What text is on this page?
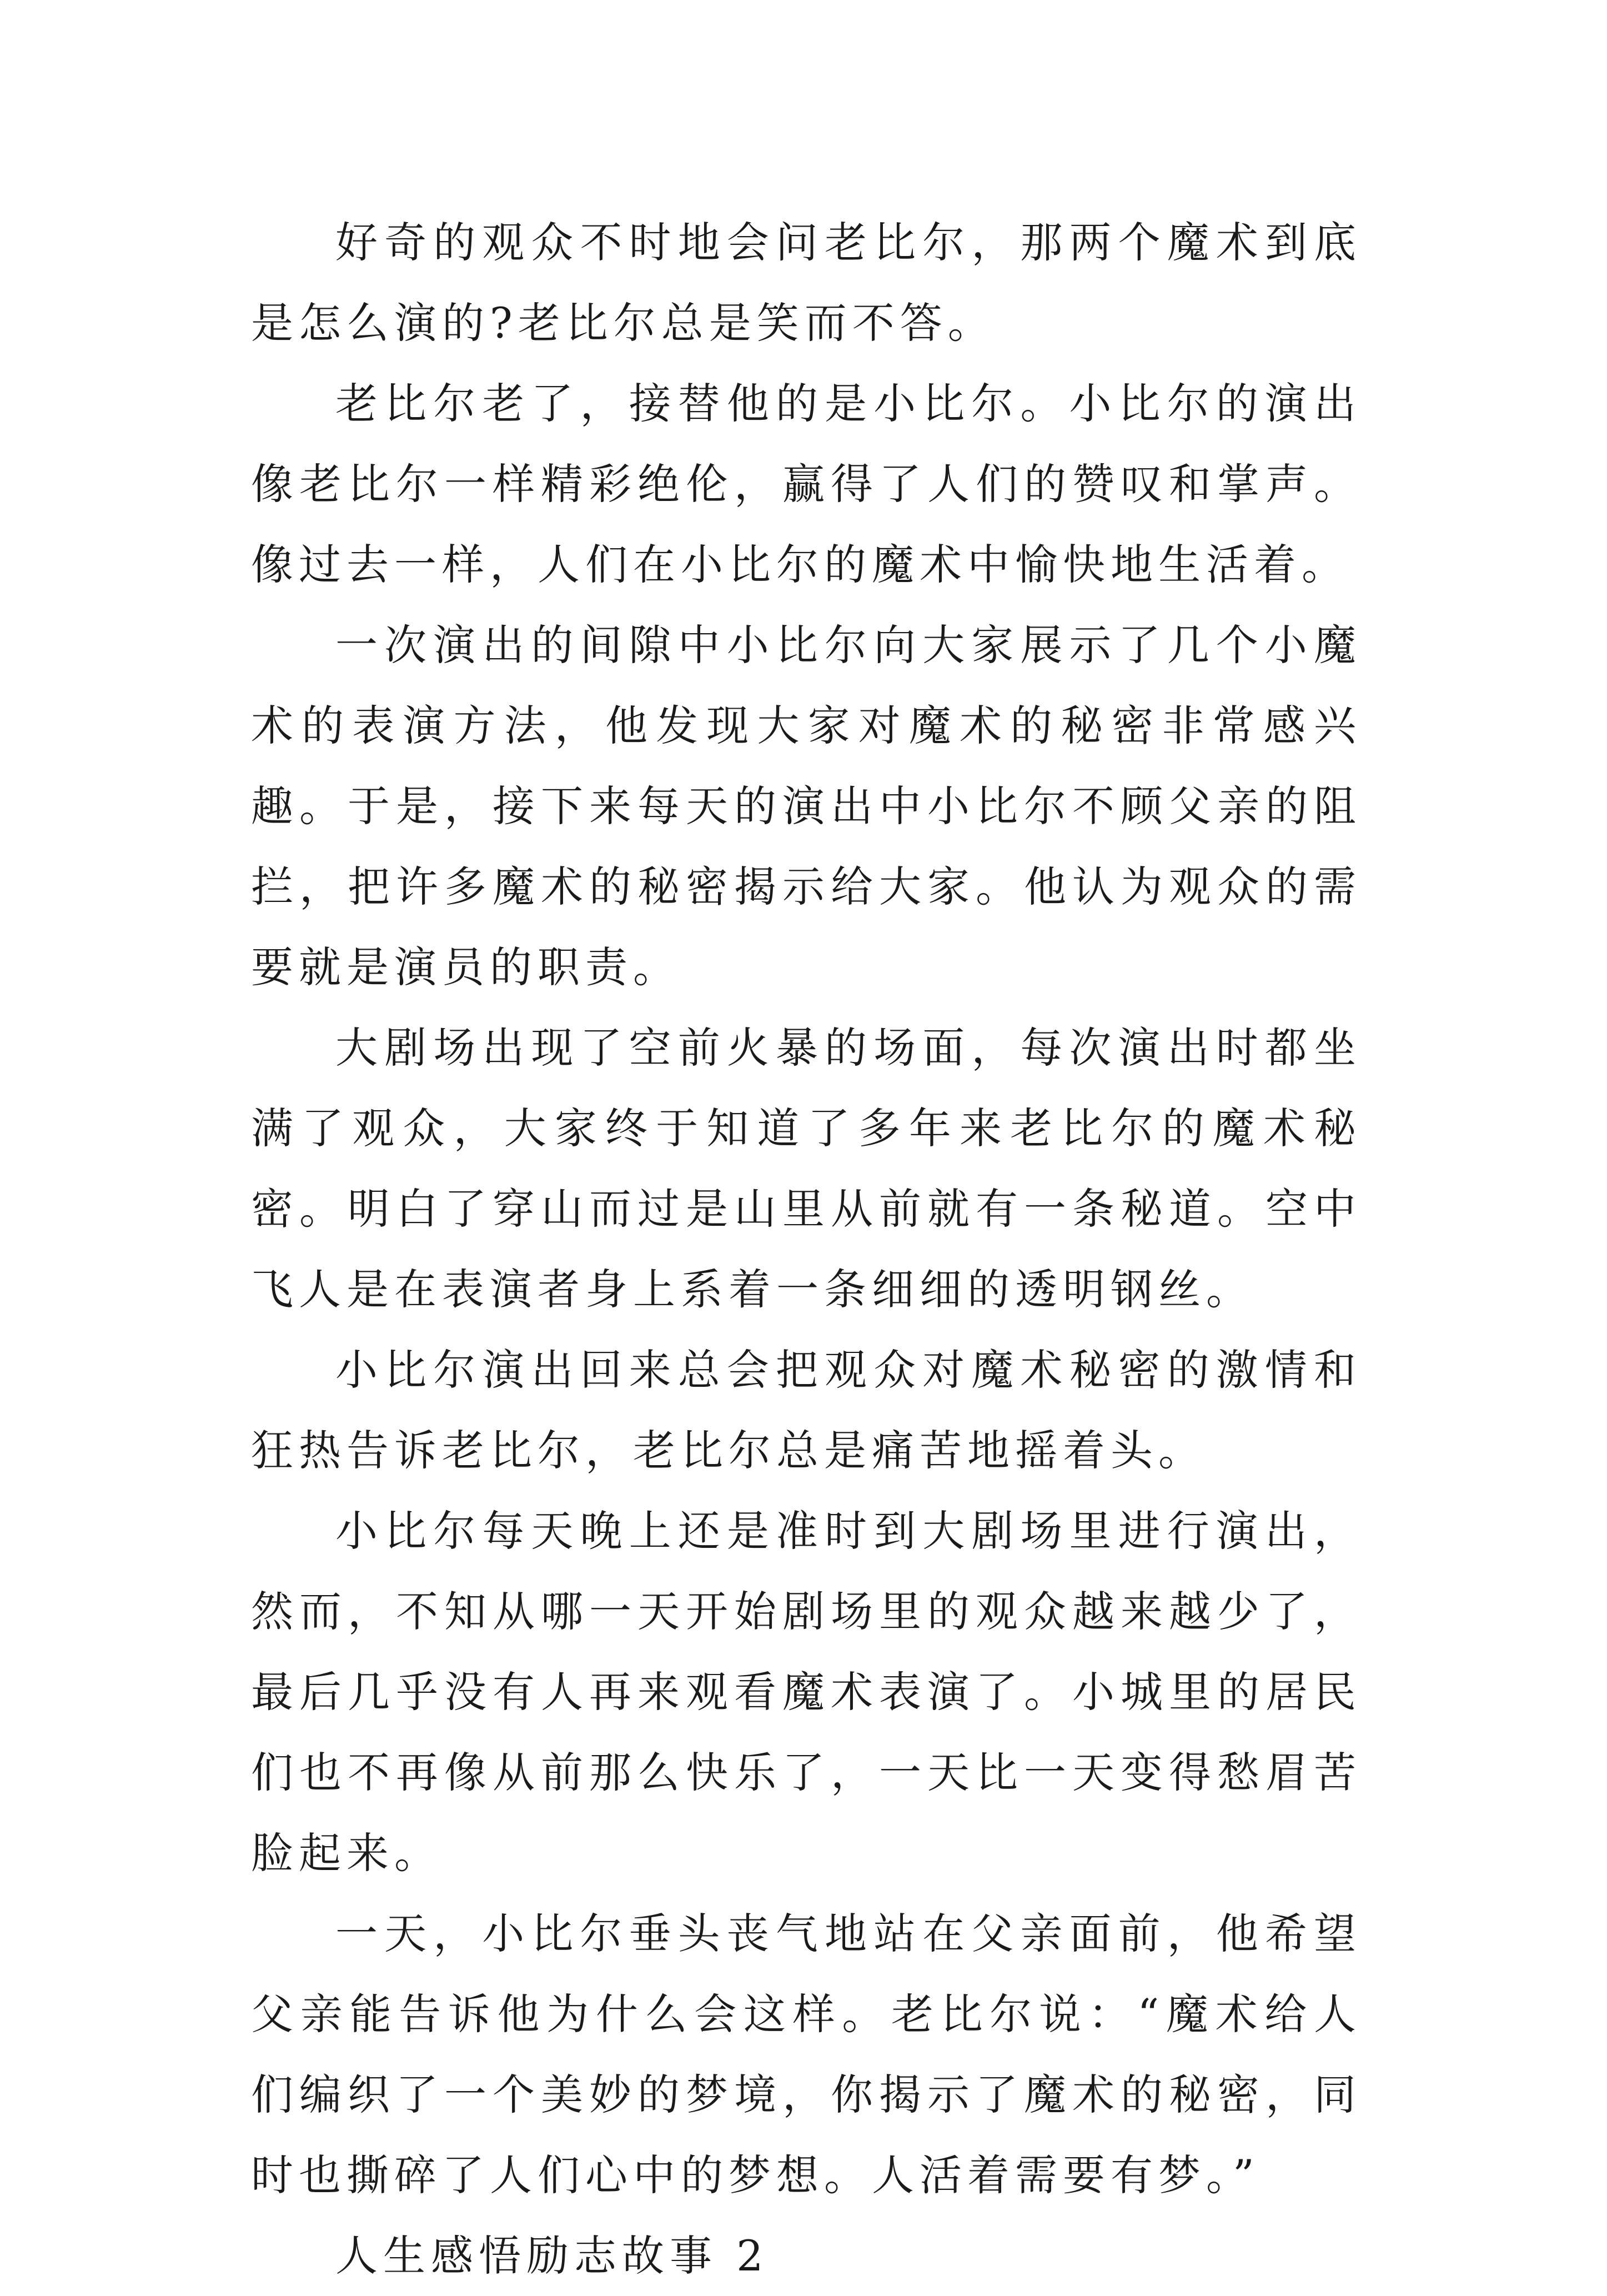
好奇的观众不时地会问老比尔，那两个魔术到底是怎么演的?老比尔总是笑而不答。

老比尔老了，接替他的是小比尔。小比尔的演出像老比尔一样精彩绝伦，赢得了人们的赞叹和掌声。像过去一样，人们在小比尔的魔术中愉快地生活着。

一次演出的间隙中小比尔向大家展示了几个小魔术的表演方法，他发现大家对魔术的秘密非常感兴趣。于是，接下来每天的演出中小比尔不顾父亲的阻拦，把许多魔术的秘密揭示给大家。他认为观众的需要就是演员的职责。

大剧场出现了空前火暴的场面，每次演出时都坐满了观众，大家终于知道了多年来老比尔的魔术秘密。明白了穿山而过是山里从前就有一条秘道。空中飞人是在表演者身上系着一条细细的透明钢丝。

小比尔演出回来总会把观众对魔术秘密的激情和狂热告诉老比尔，老比尔总是痛苦地摇着头。

小比尔每天晚上还是准时到大剧场里进行演出，然而，不知从哪一天开始剧场里的观众越来越少了，最后几乎没有人再来观看魔术表演了。小城里的居民们也不再像从前那么快乐了，一天比一天变得愁眉苦脸起来。

一天，小比尔垂头丧气地站在父亲面前，他希望父亲能告诉他为什么会这样。老比尔说：“魔术给人们编织了一个美妙的梦境，你揭示了魔术的秘密，同时也撕碎了人们心中的梦想。人活着需要有梦。”

人生感悟励志故事 2
